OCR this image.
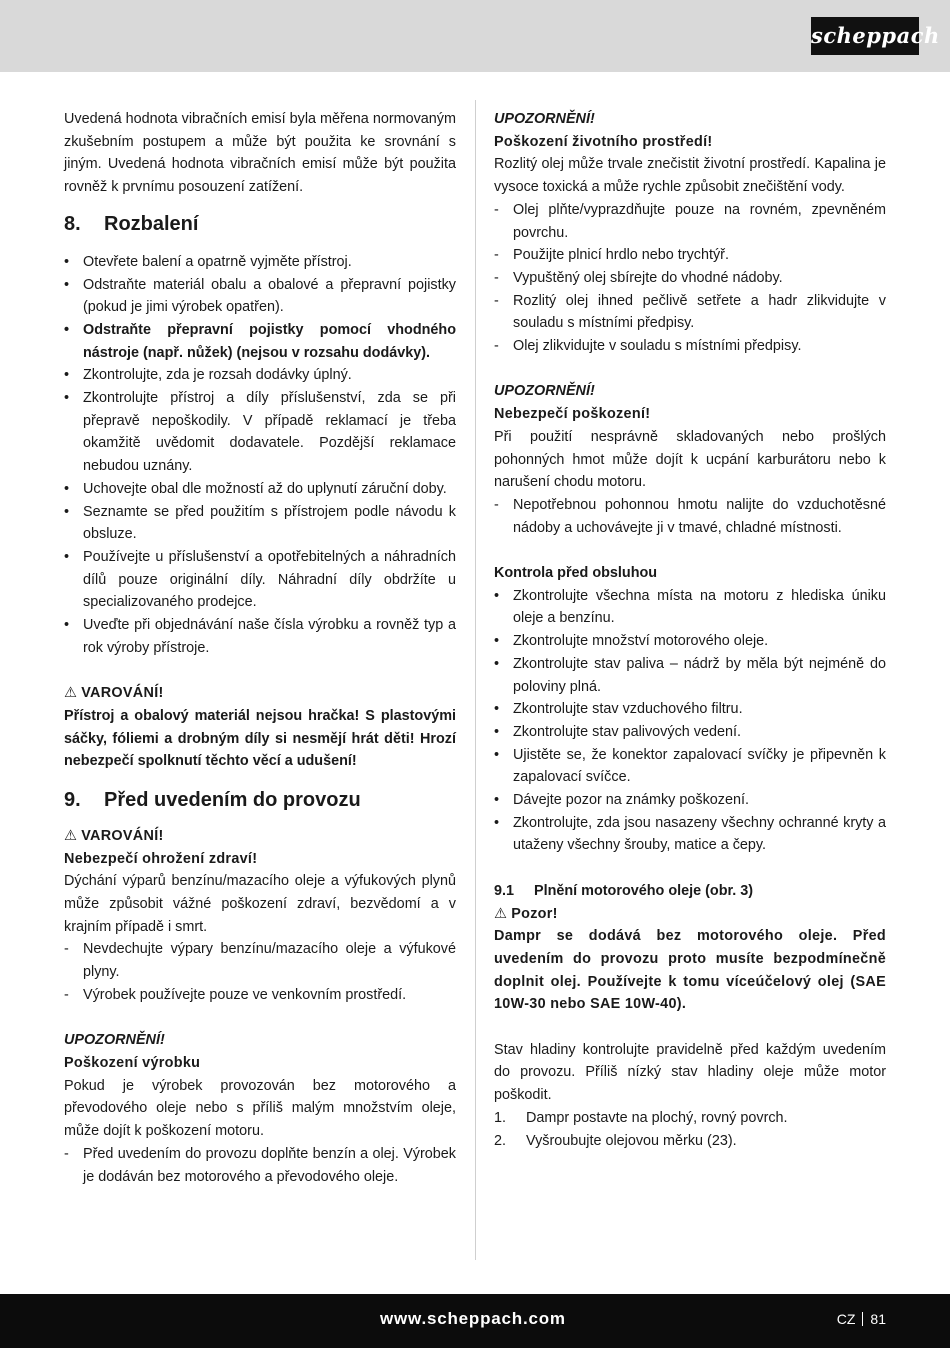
scheppach

Uvedená hodnota vibračních emisí byla měřena normovaným zkušebním postupem a může být použita ke srovnání s jiným. Uvedená hodnota vibračních emisí může být použita rovněž k prvnímu posouzení zatížení.

8. Rozbalení
• Otevřete balení a opatrně vyjměte přístroj.
• Odstraňte materiál obalu a obalové a přepravní pojistky (pokud je jimi výrobek opatřen).
• Odstraňte přepravní pojistky pomocí vhodného nástroje (např. nůžek) (nejsou v rozsahu dodávky).
• Zkontrolujte, zda je rozsah dodávky úplný.
• Zkontrolujte přístroj a díly příslušenství, zda se při přepravě nepoškodily. V případě reklamací je třeba okamžitě uvědomit dodavatele. Pozdější reklamace nebudou uznány.
• Uchovejte obal dle možností až do uplynutí záruční doby.
• Seznamte se před použitím s přístrojem podle návodu k obsluze.
• Používejte u příslušenství a opotřebitelných a náhradních dílů pouze originální díly. Náhradní díly obdržíte u specializovaného prodejce.
• Uveďte při objednávání naše čísla výrobku a rovněž typ a rok výroby přístroje.
⚠ VAROVÁNÍ!

Přístroj a obalový materiál nejsou hračka! S plastovými sáčky, fóliemi a drobným díly si nesmějí hrát děti! Hrozí nebezpečí spolknutí těchto věcí a udušení!

9. Před uvedením do provozu
⚠ VAROVÁNÍ!
Nebezpečí ohrožení zdraví!

Dýchání výparů benzínu/mazacího oleje a výfukových plynů může způsobit vážné poškození zdraví, bezvědomí a v krajním případě i smrt.

- Nevdechujte výpary benzínu/mazacího oleje a výfukové plyny.
- Výrobek používejte pouze ve venkovním prostředí.
UPOZORNĚNÍ!
Poškození výrobku

Pokud je výrobek provozován bez motorového a převodového oleje nebo s příliš malým množstvím oleje, může dojít k poškození motoru.

- Před uvedením do provozu doplňte benzín a olej. Výrobek je dodáván bez motorového a převodového oleje.
UPOZORNĚNÍ!
Poškození životního prostředí!

Rozlitý olej může trvale znečistit životní prostředí. Kapalina je vysoce toxická a může rychle způsobit znečištění vody.

- Olej plňte/vyprazdňujte pouze na rovném, zpevněném povrchu.
- Použijte plnicí hrdlo nebo trychtýř.
- Vypuštěný olej sbírejte do vhodné nádoby.
- Rozlitý olej ihned pečlivě setřete a hadr zlikvidujte v souladu s místními předpisy.
- Olej zlikvidujte v souladu s místními předpisy.
UPOZORNĚNÍ!
Nebezpečí poškození!

Při použití nesprávně skladovaných nebo prošlých pohonných hmot může dojít k ucpání karburátoru nebo k narušení chodu motoru.

- Nepotřebnou pohonnou hmotu nalijte do vzduchotěsné nádoby a uchovávejte ji v tmavé, chladné místnosti.
Kontrola před obsluhou
• Zkontrolujte všechna místa na motoru z hlediska úniku oleje a benzínu.
• Zkontrolujte množství motorového oleje.
• Zkontrolujte stav paliva – nádrž by měla být nejméně do poloviny plná.
• Zkontrolujte stav vzduchového filtru.
• Zkontrolujte stav palivových vedení.
• Ujistěte se, že konektor zapalovací svíčky je připevněn k zapalovací svíčce.
• Dávejte pozor na známky poškození.
• Zkontrolujte, zda jsou nasazeny všechny ochranné kryty a utaženy všechny šrouby, matice a čepy.
9.1 Plnění motorového oleje (obr. 3)
⚠ Pozor!

Dampr se dodává bez motorového oleje. Před uvedením do provozu proto musíte bezpodmínečně doplnit olej. Používejte k tomu víceúčelový olej (SAE 10W-30 nebo SAE 10W-40).

Stav hladiny kontrolujte pravidelně před každým uvedením do provozu. Příliš nízký stav hladiny oleje může motor poškodit.

1.	Dampr postavte na plochý, rovný povrch.
2.	Vyšroubujte olejovou měrku (23).
www.scheppach.com	CZ 81
